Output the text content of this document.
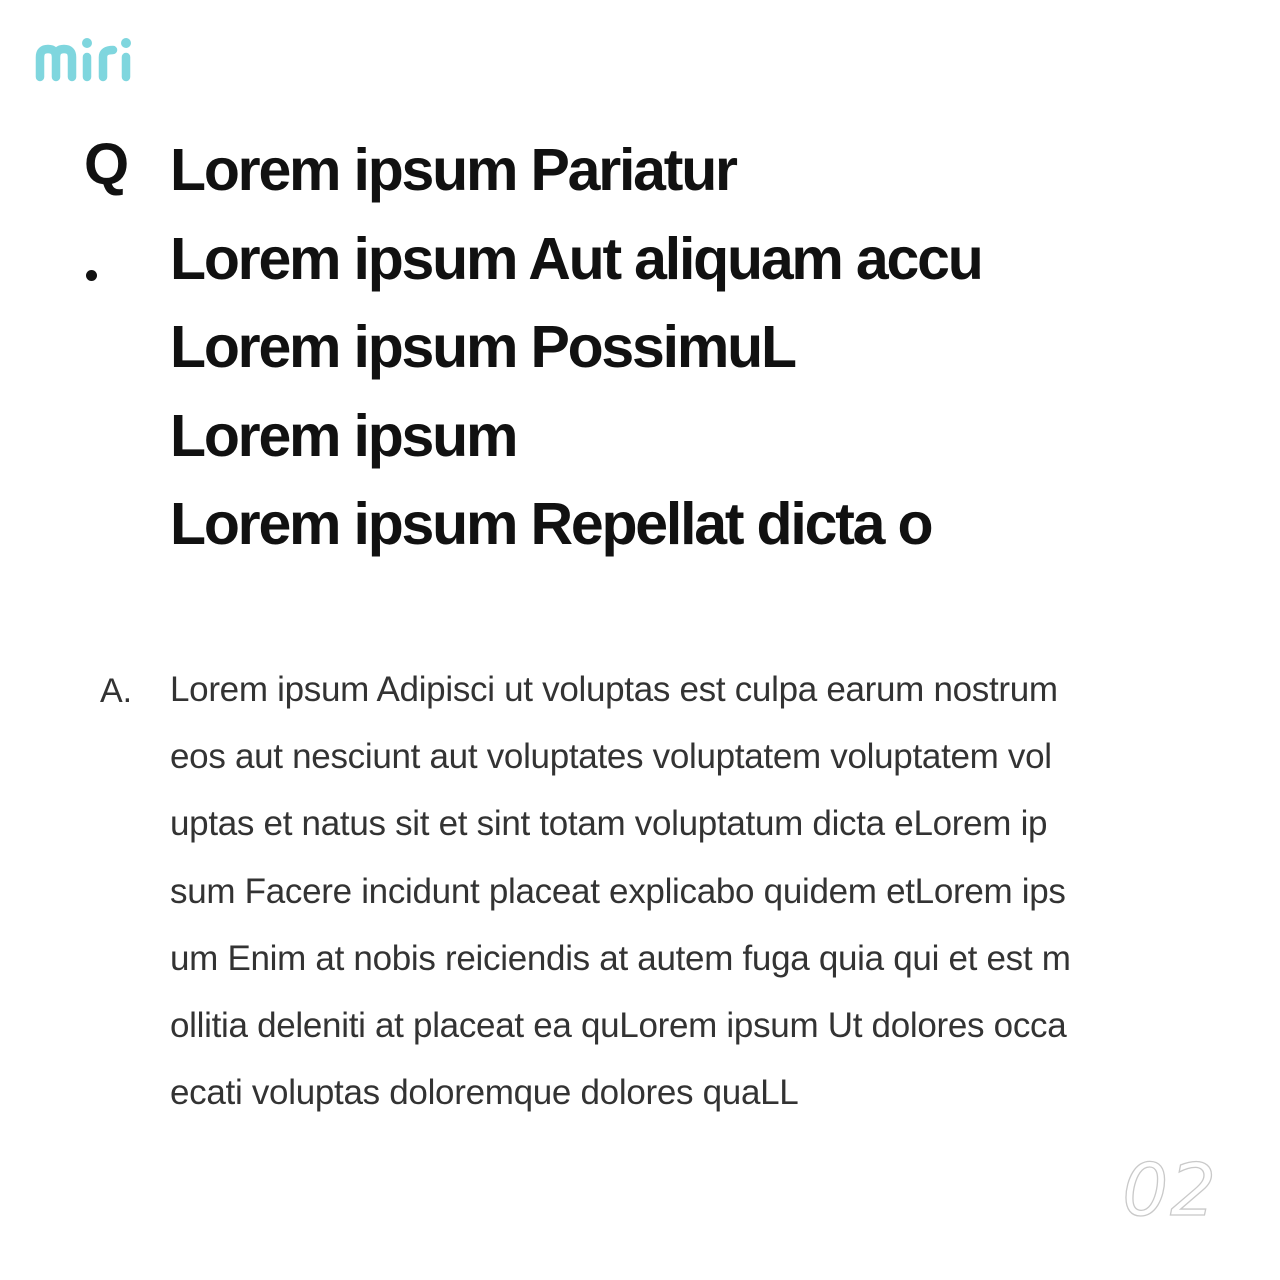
Q Lorem ipsum Pariatur
Lorem ipsum Aut aliquam accu
Lorem ipsum PossimuL
Lorem ipsum
Lorem ipsum Repellat dicta o
A. Lorem ipsum Adipisci ut voluptas est culpa earum nostrum
eos aut nesciunt aut voluptates voluptatem voluptatem vol
uptas et natus sit et sint totam voluptatum dicta eLorem ip
sum Facere incidunt placeat explicabo quidem etLorem ips
um Enim at nobis reiciendis at autem fuga quia qui et est m
ollitia deleniti at placeat ea quLorem ipsum Ut dolores occa
ecati voluptas doloremque dolores quaLL

02
